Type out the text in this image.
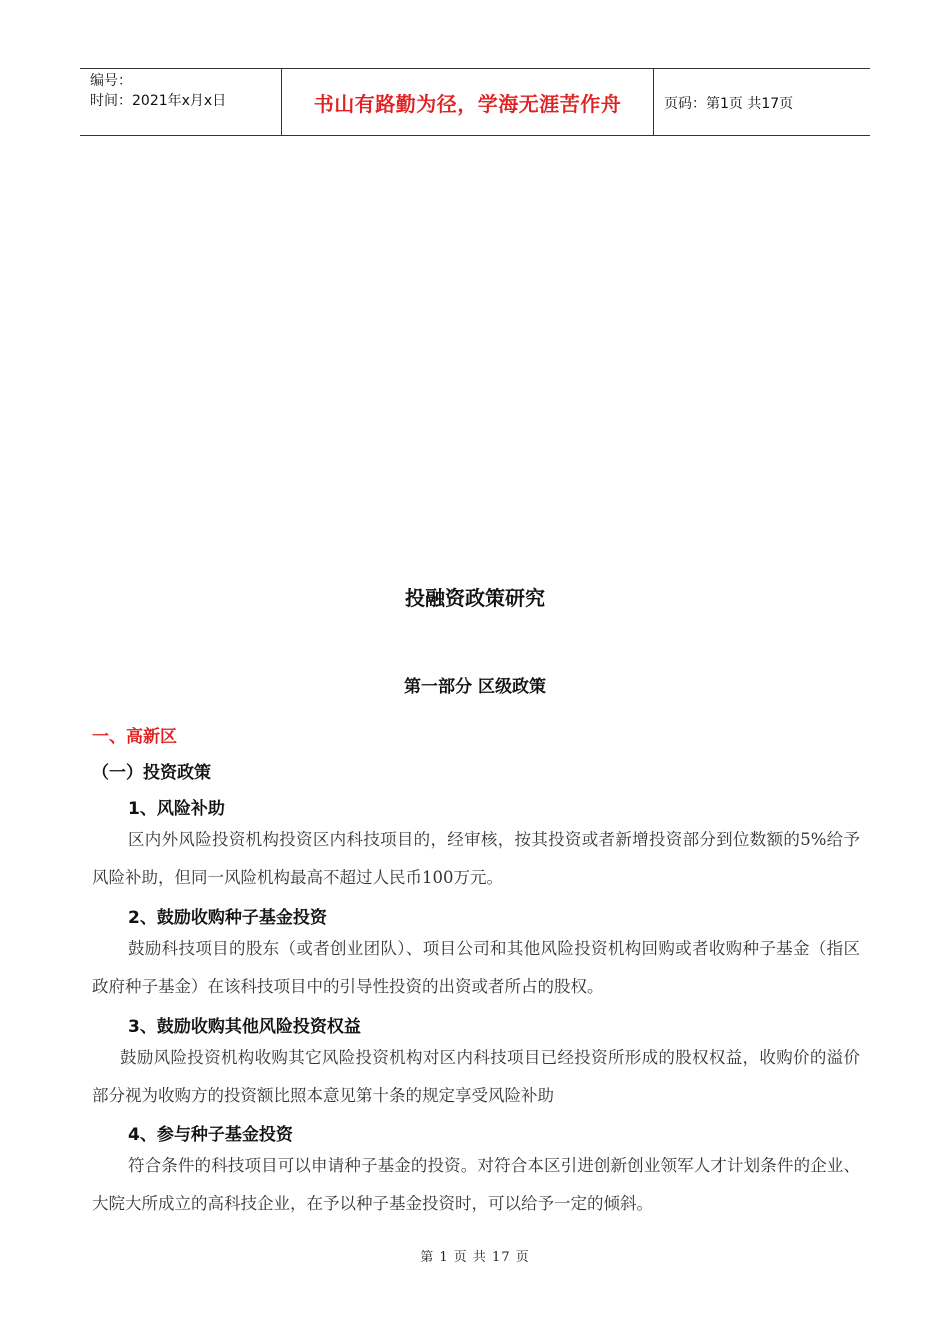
编号：
时间：2021年x月x日	书山有路勤为径，学海无涯苦作舟	页码：第1页 共17页
投融资政策研究
第一部分 区级政策
一、高新区
（一）投资政策
1、风险补助
区内外风险投资机构投资区内科技项目的，经审核，按其投资或者新增投资部分到位数额的5%给予风险补助，但同一风险机构最高不超过人民币100万元。
2、鼓励收购种子基金投资
鼓励科技项目的股东（或者创业团队）、项目公司和其他风险投资机构回购或者收购种子基金（指区政府种子基金）在该科技项目中的引导性投资的出资或者所占的股权。
3、鼓励收购其他风险投资权益
鼓励风险投资机构收购其它风险投资机构对区内科技项目已经投资所形成的股权权益，收购价的溢价部分视为收购方的投资额比照本意见第十条的规定享受风险补助
4、参与种子基金投资
符合条件的科技项目可以申请种子基金的投资。对符合本区引进创新创业领军人才计划条件的企业、大院大所成立的高科技企业，在予以种子基金投资时，可以给予一定的倾斜。
第 1 页 共 17 页
